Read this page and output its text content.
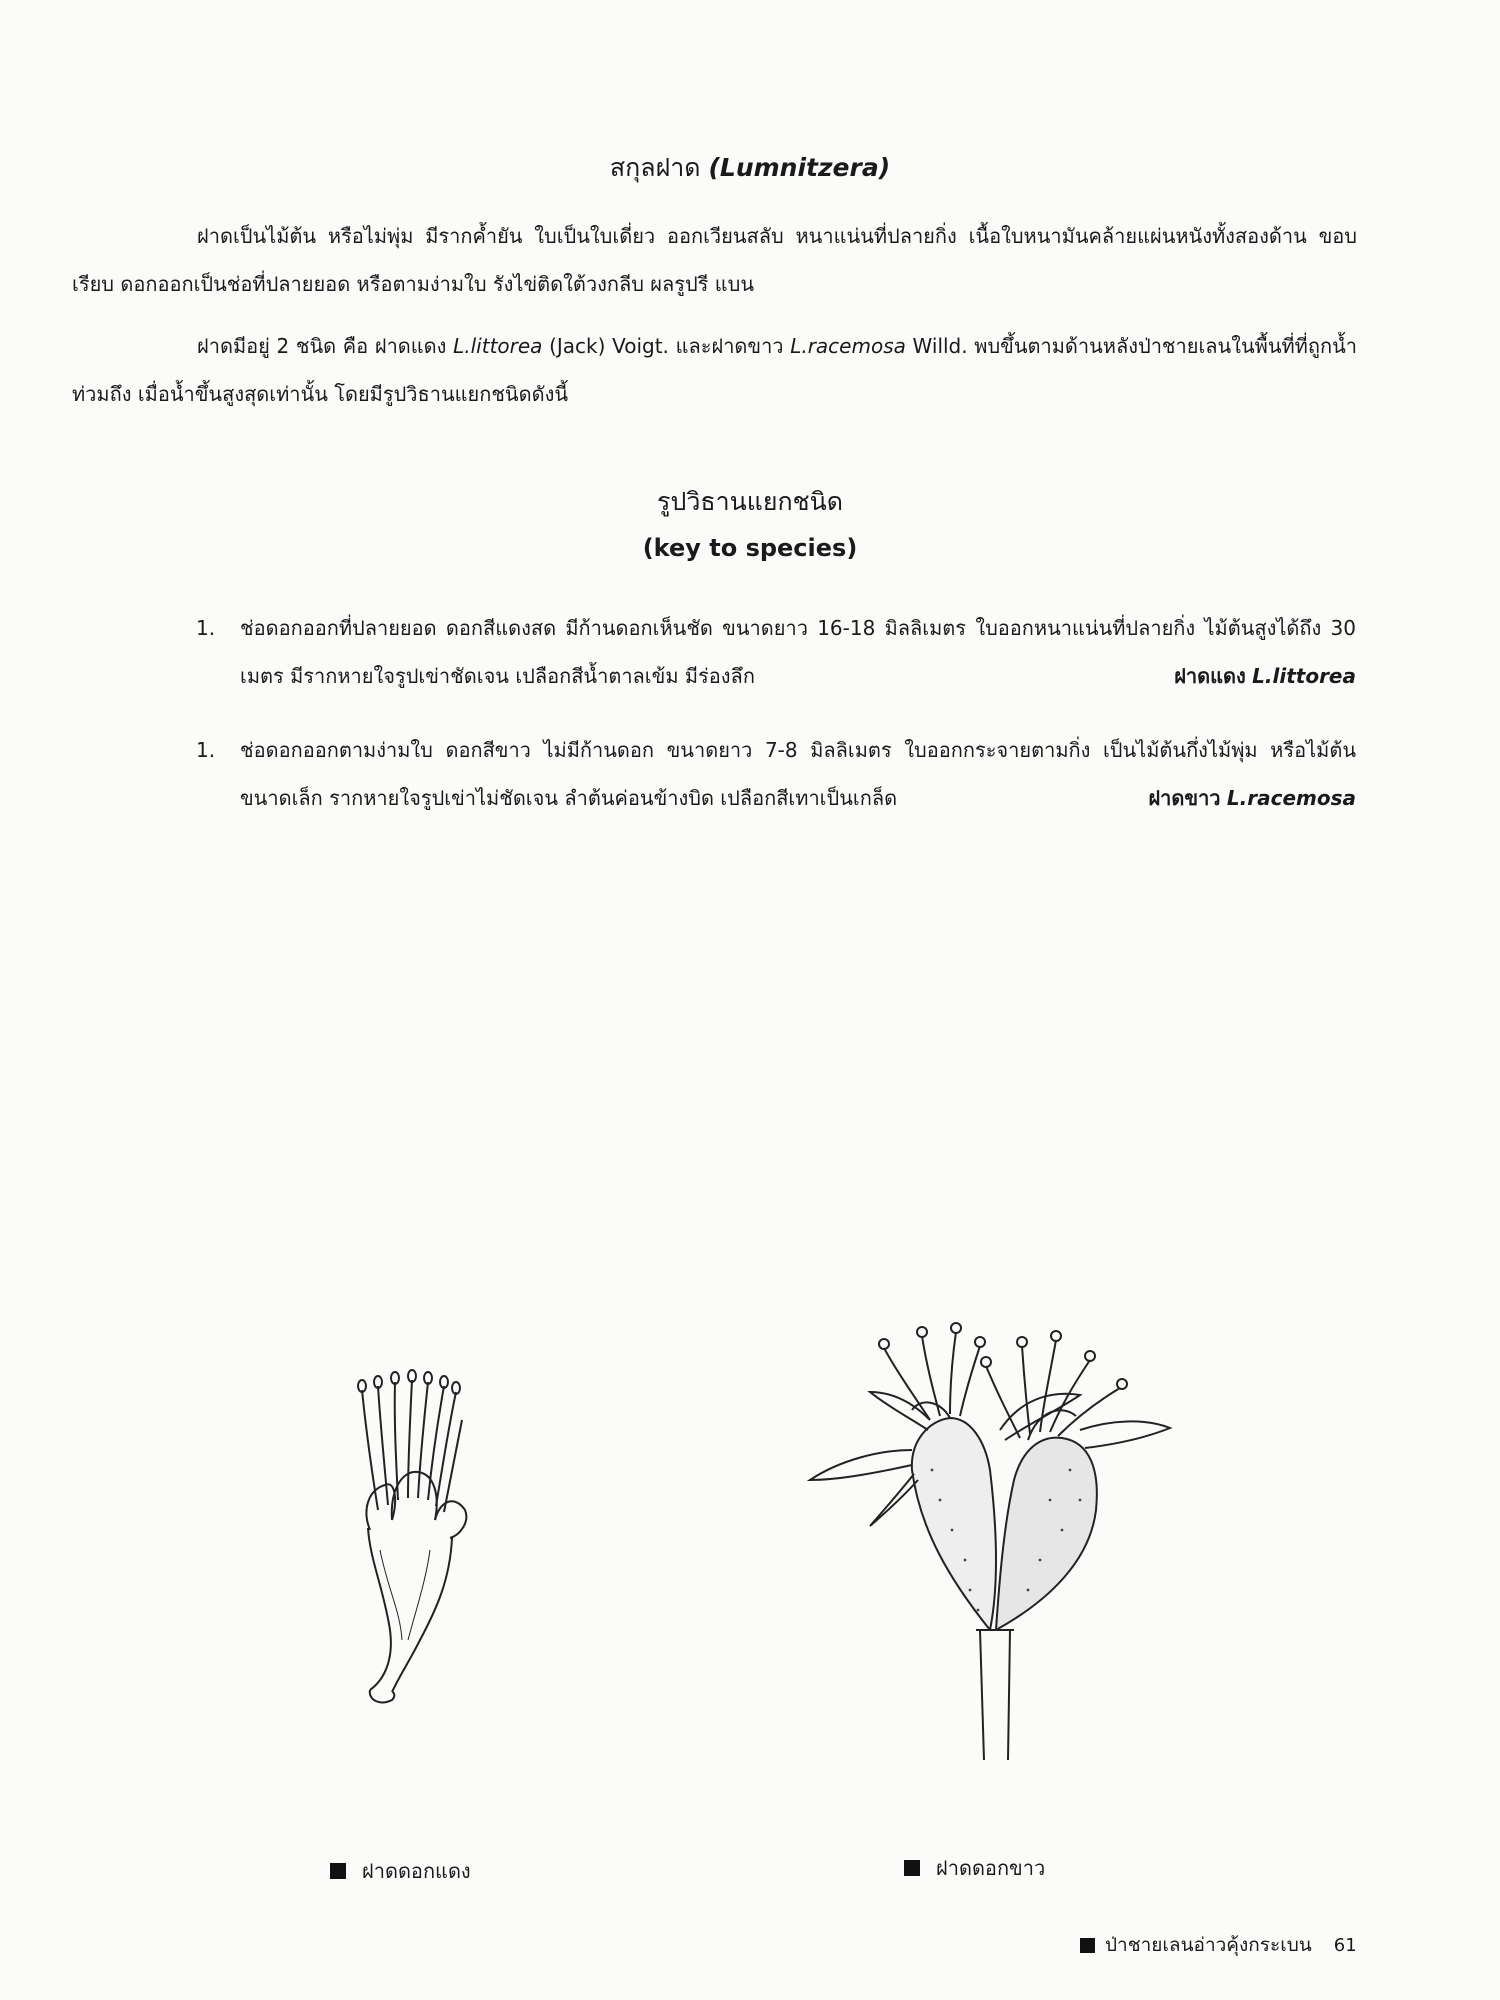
สกุลฝาด (Lumnitzera)

ฝาดเป็นไม้ต้น หรือไม่พุ่ม มีรากค้ำยัน ใบเป็นใบเดี่ยว ออกเวียนสลับ หนาแน่นที่ปลายกิ่ง เนื้อใบหนามันคล้ายแผ่นหนังทั้งสองด้าน ขอบเรียบ ดอกออกเป็นช่อที่ปลายยอด หรือตามง่ามใบ รังไข่ติดใต้วงกลีบ ผลรูปรี แบน

ฝาดมีอยู่ 2 ชนิด คือ ฝาดแดง L.littorea (Jack) Voigt. และฝาดขาว L.racemosa Willd. พบขึ้นตามด้านหลังป่าชายเลนในพื้นที่ที่ถูกน้ำท่วมถึง เมื่อน้ำขึ้นสูงสุดเท่านั้น โดยมีรูปวิธานแยกชนิดดังนี้

รูปวิธานแยกชนิด
(key to species)
1. ช่อดอกออกที่ปลายยอด ดอกสีแดงสด มีก้านดอกเห็นชัด ขนาดยาว 16-18 มิลลิเมตร ใบออกหนาแน่นที่ปลายกิ่ง ไม้ต้นสูงได้ถึง 30 เมตร มีรากหายใจรูปเข่าชัดเจน เปลือกสีน้ำตาลเข้ม มีร่องลึก	ฝาดแดง L.littorea
1. ช่อดอกออกตามง่ามใบ ดอกสีขาว ไม่มีก้านดอก ขนาดยาว 7-8 มิลลิเมตร ใบออกกระจายตามกิ่ง เป็นไม้ต้นกึ่งไม้พุ่ม หรือไม้ต้นขนาดเล็ก รากหายใจรูปเข่าไม่ชัดเจน ลำต้นค่อนข้างบิด เปลือกสีเทาเป็นเกล็ด	ฝาดขาว L.racemosa
ฝาดดอกแดง	ฝาดดอกขาว
ป่าชายเลนอ่าวคุ้งกระเบน 61
